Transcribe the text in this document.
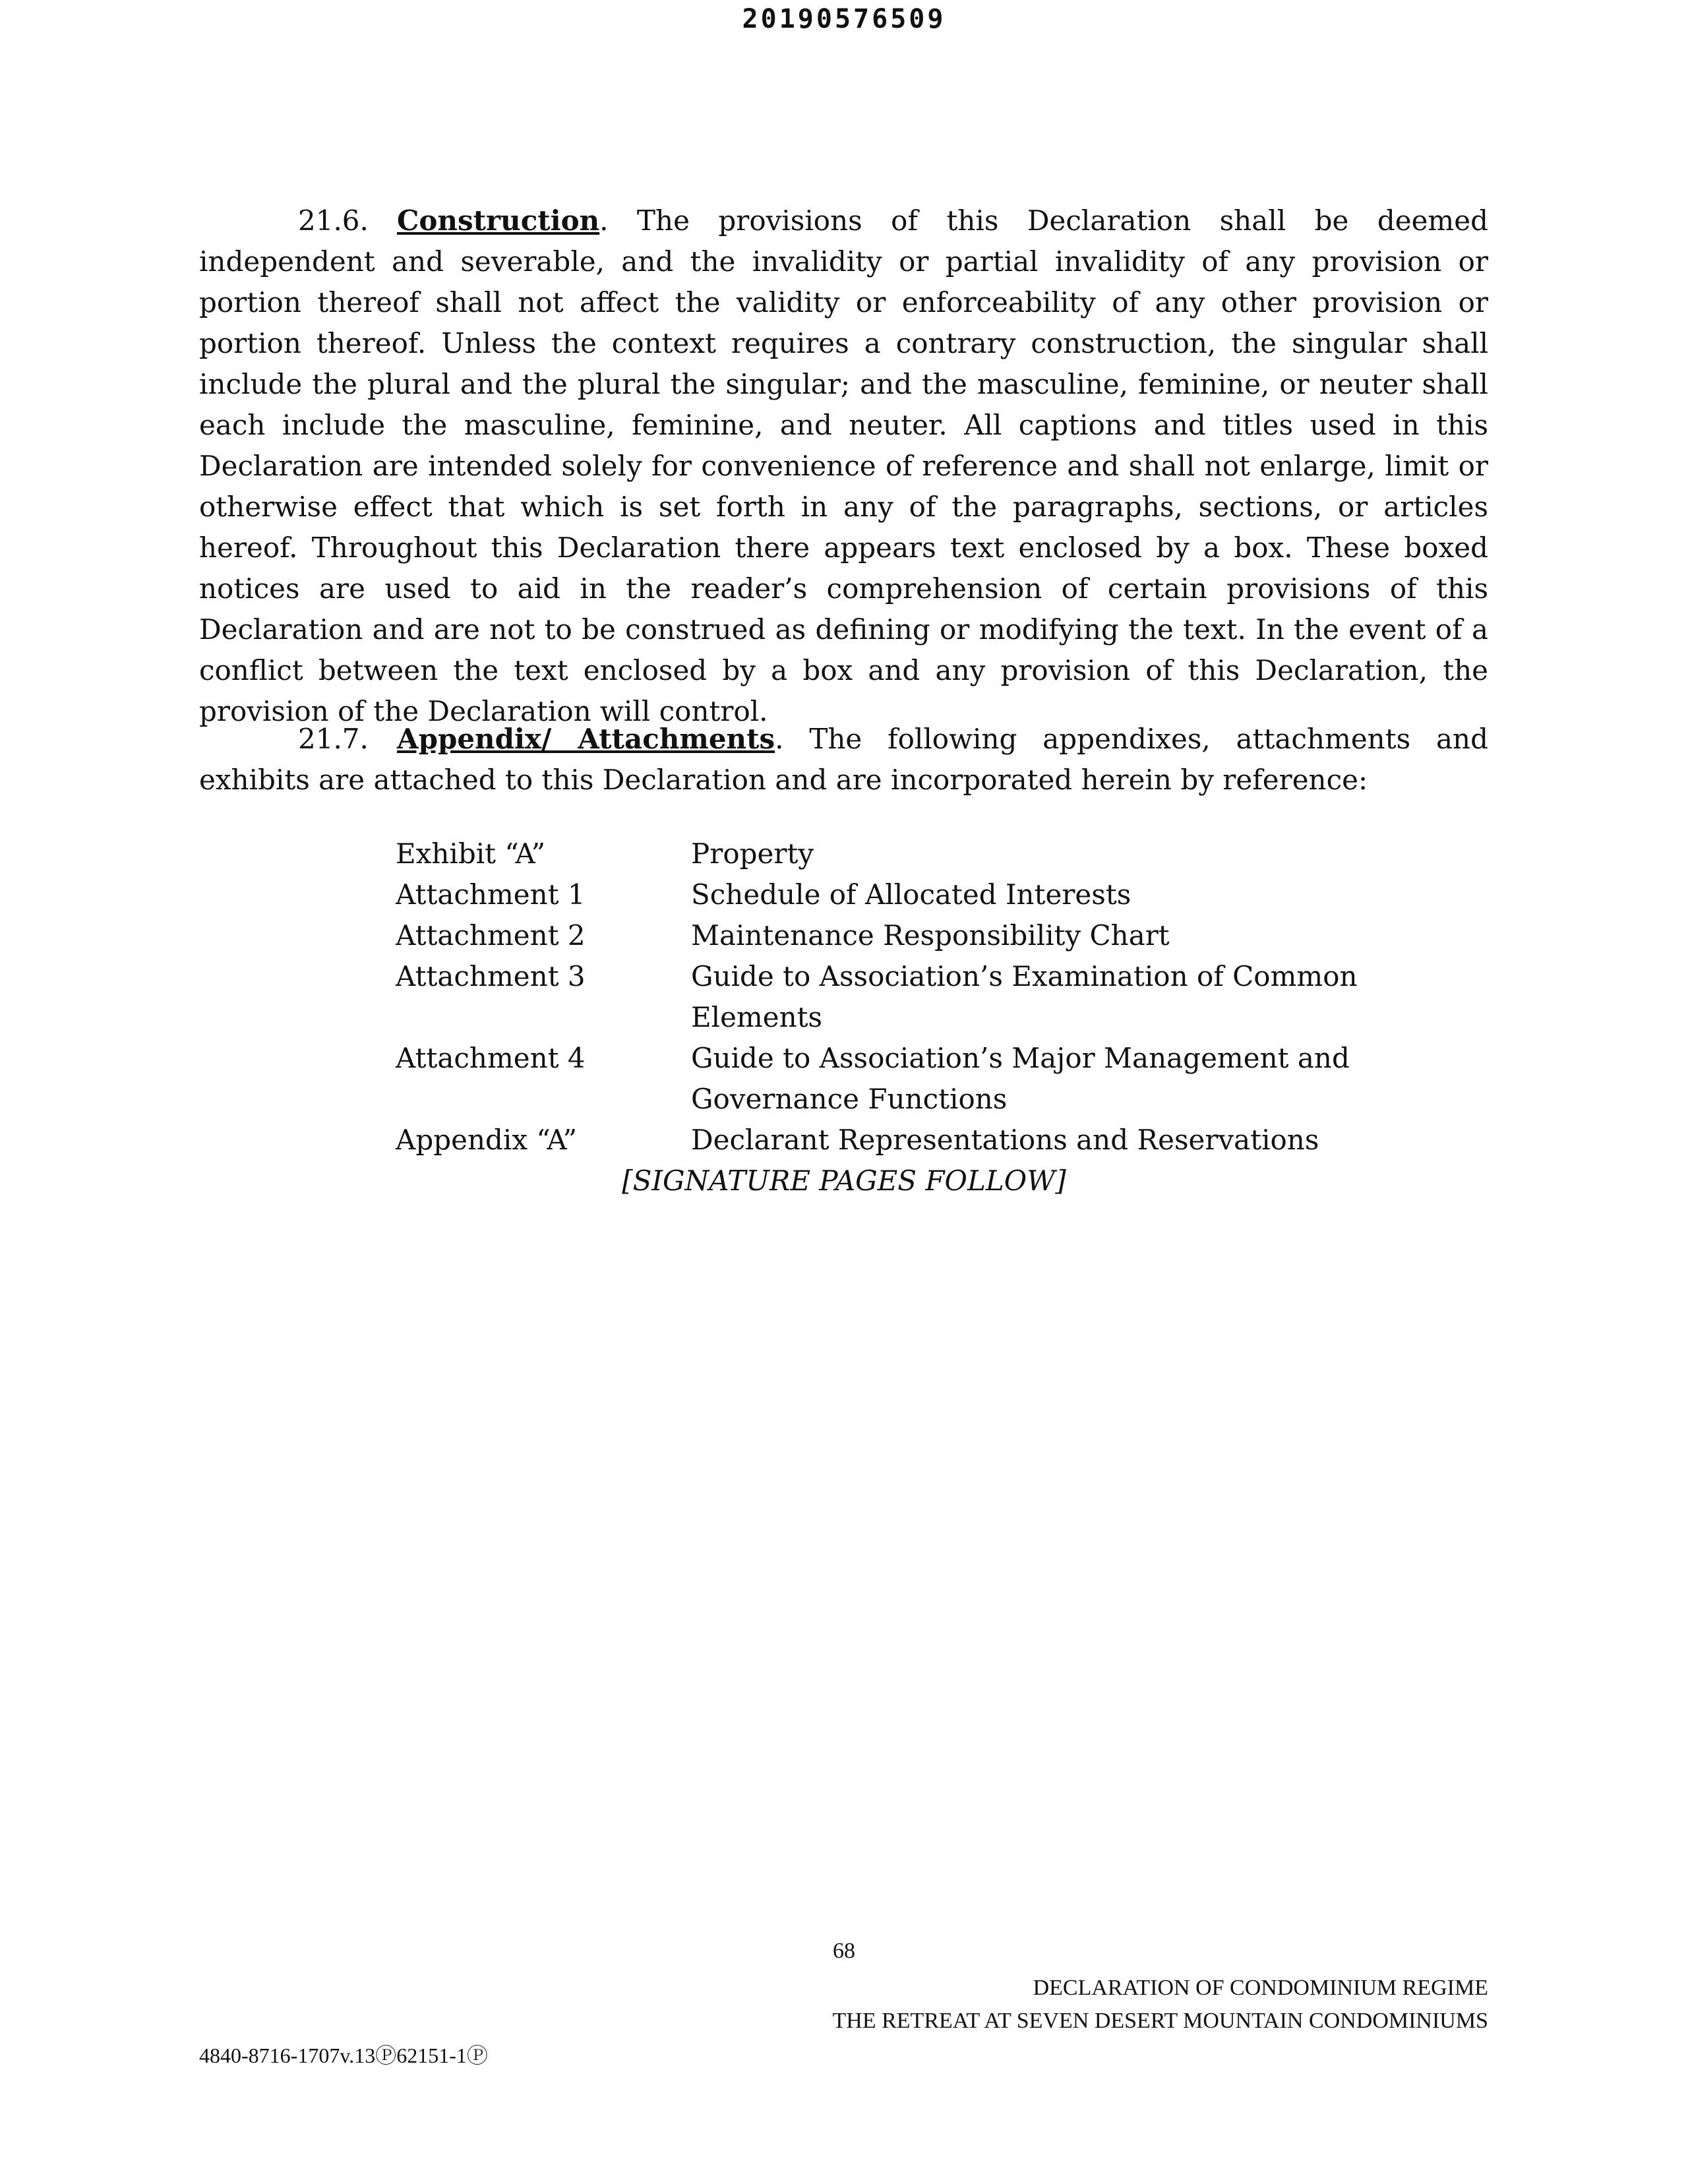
20190576509

21.6. Construction. The provisions of this Declaration shall be deemed independent and severable, and the invalidity or partial invalidity of any provision or portion thereof shall not affect the validity or enforceability of any other provision or portion thereof. Unless the context requires a contrary construction, the singular shall include the plural and the plural the singular; and the masculine, feminine, or neuter shall each include the masculine, feminine, and neuter. All captions and titles used in this Declaration are intended solely for convenience of reference and shall not enlarge, limit or otherwise effect that which is set forth in any of the paragraphs, sections, or articles hereof. Throughout this Declaration there appears text enclosed by a box. These boxed notices are used to aid in the reader’s comprehension of certain provisions of this Declaration and are not to be construed as defining or modifying the text. In the event of a conflict between the text enclosed by a box and any provision of this Declaration, the provision of the Declaration will control.

21.7. Appendix/ Attachments. The following appendixes, attachments and exhibits are attached to this Declaration and are incorporated herein by reference:

Exhibit “A”	Property
Attachment 1	Schedule of Allocated Interests
Attachment 2	Maintenance Responsibility Chart
Attachment 3	Guide to Association’s Examination of Common Elements
Attachment 4	Guide to Association’s Major Management and Governance Functions
Appendix “A”	Declarant Representations and Reservations
[SIGNATURE PAGES FOLLOW]
68
DECLARATION OF CONDOMINIUM REGIME
THE RETREAT AT SEVEN DESERT MOUNTAIN CONDOMINIUMS
4840-8716-1707v.13Ⓟ62151-1Ⓟ
